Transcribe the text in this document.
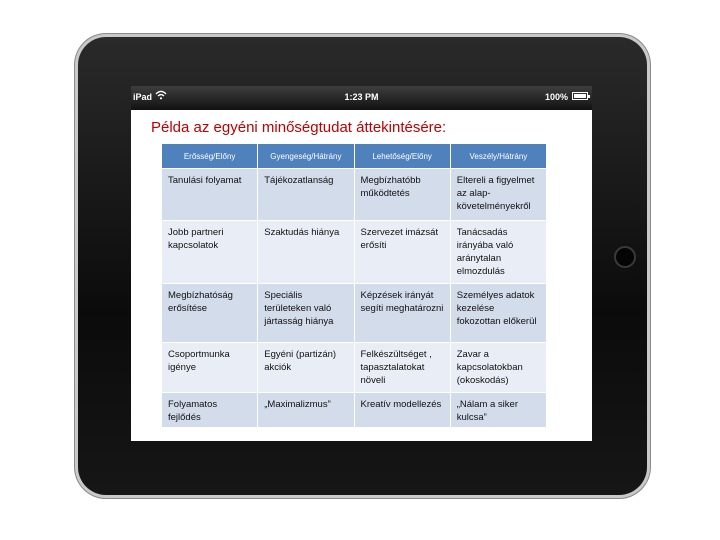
iPad	1:23 PM	100%
Példa az egyéni minőségtudat áttekintésére:
Erősség/Előny	Gyengeség/Hátrány	Lehetőség/Előny	Veszély/Hátrány
Tanulási folyamat	Tájékozatlanság	Megbízhatóbb működtetés	Eltereli a figyelmet az alap-követelményekről
Jobb partneri kapcsolatok	Szaktudás hiánya	Szervezet imázsát erősíti	Tanácsadás irányába való aránytalan elmozdulás
Megbízhatóság erősítése	Speciális területeken való jártasság hiánya	Képzések irányát segíti meghatározni	Személyes adatok kezelése fokozottan előkerül
Csoportmunka igénye	Egyéni (partizán) akciók	Felkészültséget , tapasztalatokat növeli	Zavar a kapcsolatokban (okoskodás)
Folyamatos fejlődés	„Maximalizmus”	Kreatív modellezés	„Nálam a siker kulcsa”
